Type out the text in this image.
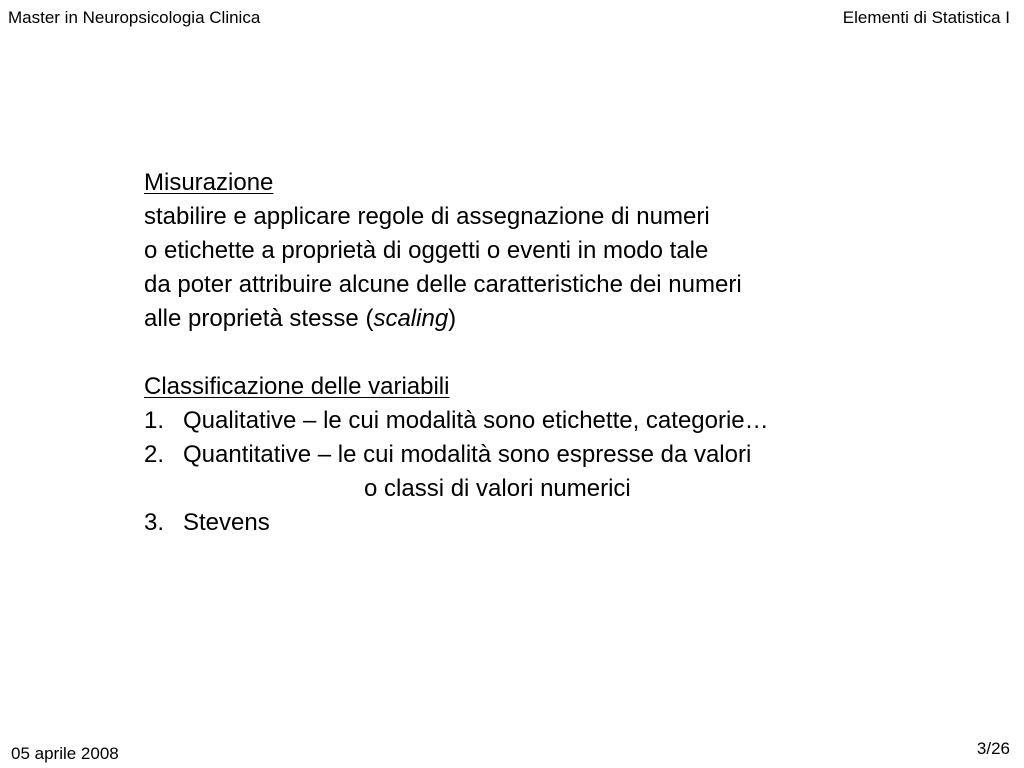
Master in Neuropsicologia Clinica	Elementi di Statistica I
Misurazione
stabilire e applicare regole di assegnazione di numeri
o etichette a proprietà di oggetti o eventi in modo tale
da poter attribuire alcune delle caratteristiche dei numeri
alle proprietà stesse (scaling)
Classificazione delle variabili
1. Qualitative – le cui modalità sono etichette, categorie…
2. Quantitative – le cui modalità sono espresse da valori
o classi di valori numerici
3. Stevens
05 aprile 2008	3/26
